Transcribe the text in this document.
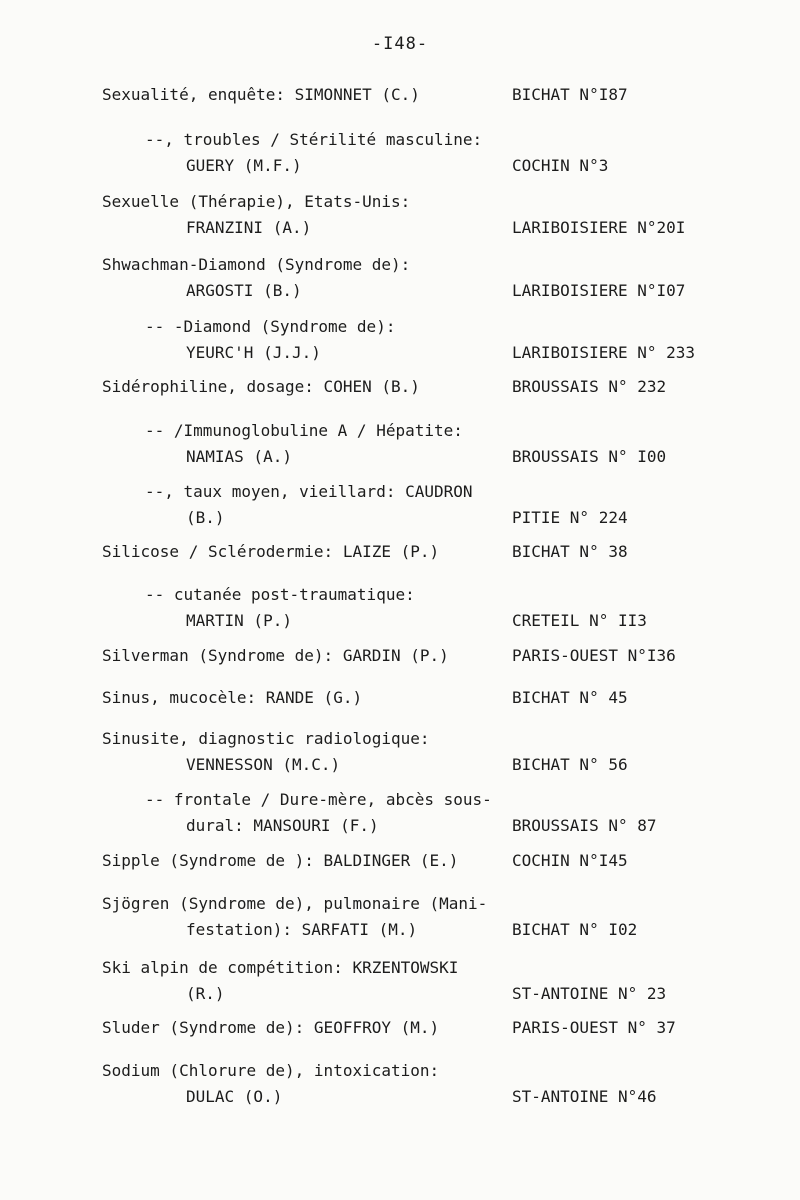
-I48-
Sexualité, enquête: SIMONNET (C.)	BICHAT N°I87
--, troubles / Stérilité masculine:
GUERY (M.F.)	COCHIN N°3
Sexuelle (Thérapie), Etats-Unis:
FRANZINI (A.)	LARIBOISIERE N°20I
Shwachman-Diamond (Syndrome de):
ARGOSTI (B.)	LARIBOISIERE N°I07
-- -Diamond (Syndrome de):
YEURC'H (J.J.)	LARIBOISIERE N° 233
Sidérophiline, dosage: COHEN (B.)	BROUSSAIS N° 232
-- /Immunoglobuline A / Hépatite:
NAMIAS (A.)	BROUSSAIS N° I00
--, taux moyen, vieillard: CAUDRON
(B.)	PITIE N° 224
Silicose / Sclérodermie: LAIZE (P.)	BICHAT N° 38
-- cutanée post-traumatique:
MARTIN (P.)	CRETEIL N° II3
Silverman (Syndrome de): GARDIN (P.)	PARIS-OUEST N°I36
Sinus, mucocèle: RANDE (G.)	BICHAT N° 45
Sinusite, diagnostic radiologique:
VENNESSON (M.C.)	BICHAT N° 56
-- frontale / Dure-mère, abcès sous-
dural: MANSOURI (F.)	BROUSSAIS N° 87
Sipple (Syndrome de ): BALDINGER (E.)	COCHIN N°I45
Sjögren (Syndrome de), pulmonaire (Mani-
festation): SARFATI (M.)	BICHAT N° I02
Ski alpin de compétition: KRZENTOWSKI
(R.)	ST-ANTOINE N° 23
Sluder (Syndrome de): GEOFFROY (M.)	PARIS-OUEST N° 37
Sodium (Chlorure de), intoxication:
DULAC (O.)	ST-ANTOINE N°46
